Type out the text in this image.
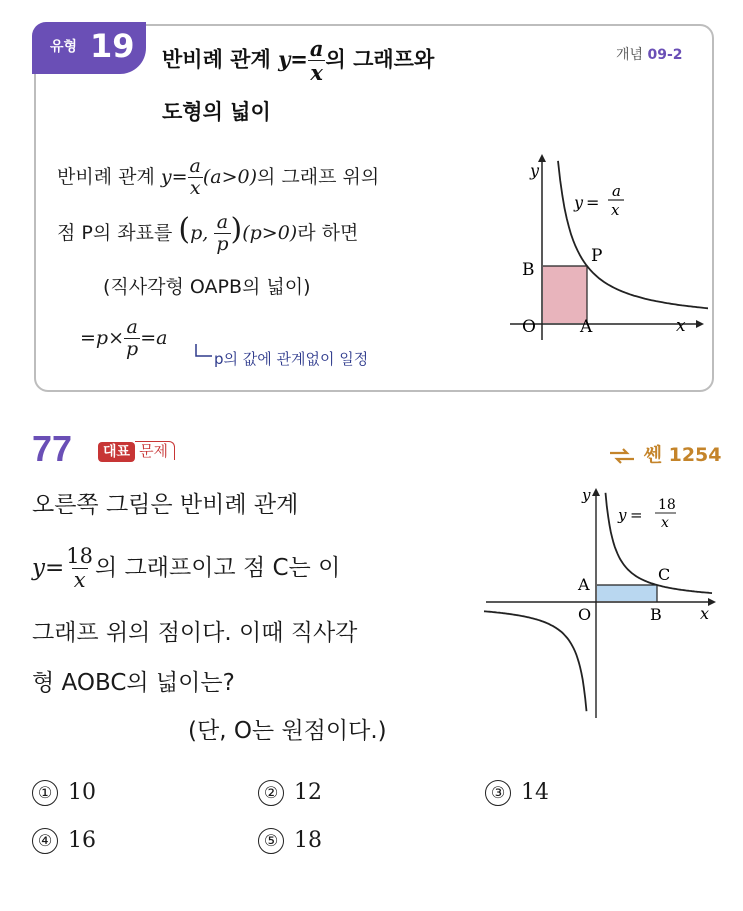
유형 19 반비례 관계 $y= \frac{a}{x}$ 의 그래프와
도형의 넓이
개념 09-2
반비례 관계 $y= \frac{a}{x} (a>0)$의 그래프 위의
점 P의 좌표를 (p, $\frac{a}{p} )(p>0)$라 하면
(직사각형 OAPB의 넓이)
$=p\times \frac{a}{p} =a$
p의 값에 관계없이 일정
y
x
O	A
B
P
y =
a
x
77	대표 문제	쎈 1254
오른쪽 그림은 반비례 관계
$y= \frac{18}{x}$ 의 그래프이고 점 C는 이
그래프 위의 점이다. 이때 직사각
형 AOBC의 넓이는?
(단, O는 원점이다.)
y
x
O
A
B
C
y =
18
x
① 10	② 12	③ 14
④ 16	⑤ 18
